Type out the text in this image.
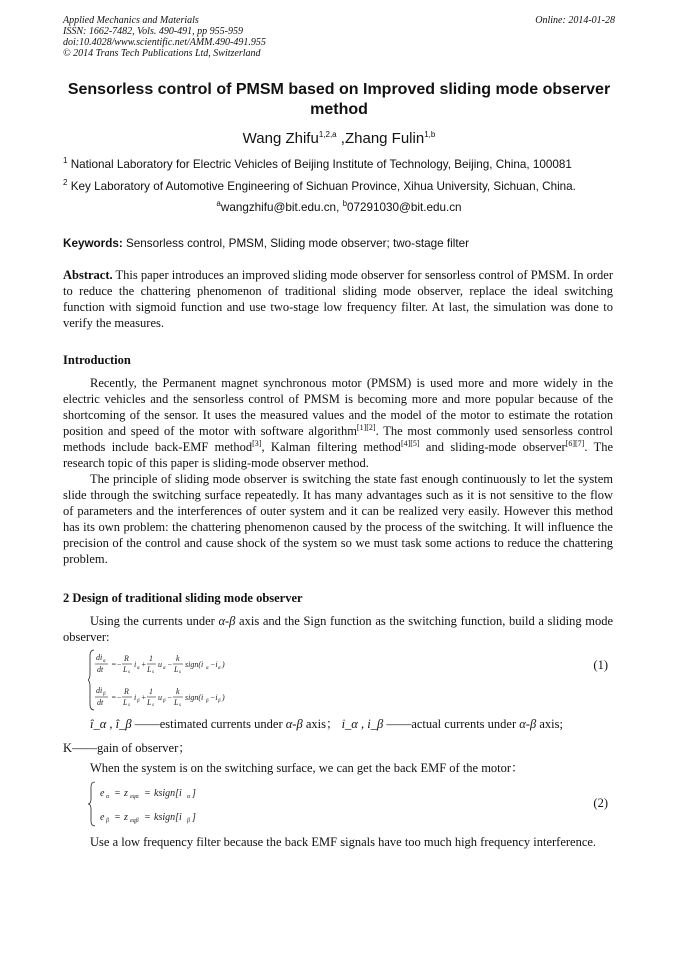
Applied Mechanics and Materials
ISSN: 1662-7482, Vols. 490-491, pp 955-959
doi:10.4028/www.scientific.net/AMM.490-491.955
© 2014 Trans Tech Publications Ltd, Switzerland
Online: 2014-01-28
Sensorless control of PMSM based on Improved sliding mode observer method
Wang Zhifu$^{1,2,a}$ ,Zhang Fulin$^{1,b}$
$^1$ National Laboratory for Electric Vehicles of Beijing Institute of Technology, Beijing, China, 100081
$^2$ Key Laboratory of Automotive Engineering of Sichuan Province, Xihua University, Sichuan, China.
$^a$wangzhifu@bit.edu.cn, $^b$07291030@bit.edu.cn
Keywords: Sensorless control, PMSM, Sliding mode observer; two-stage filter
Abstract. This paper introduces an improved sliding mode observer for sensorless control of PMSM. In order to reduce the chattering phenomenon of traditional sliding mode observer, replace the ideal switching function with sigmoid function and use two-stage low frequency filter. At last, the simulation was done to verify the measures.
Introduction
Recently, the Permanent magnet synchronous motor (PMSM) is used more and more widely in the electric vehicles and the sensorless control of PMSM is becoming more and more popular because of the shortcoming of the sensor. It uses the measured values and the model of the motor to estimate the rotation position and speed of the motor with software algorithm[1][2]. The most commonly used sensorless control methods include back-EMF method[3], Kalman filtering method[4][5] and sliding-mode observer[6][7]. The research topic of this paper is sliding-mode observer method.
The principle of sliding mode observer is switching the state fast enough continuously to let the system slide through the switching surface repeatedly. It has many advantages such as it is not sensitive to the flow of parameters and the interferences of outer system and it can be realized very easily. However this method has its own problem: the chattering phenomenon caused by the process of the switching. It will influence the precision of the control and cause shock of the system so we must task some actions to reduce the chattering problem.
2 Design of traditional sliding mode observer
Using the currents under α-β axis and the Sign function as the switching function, build a sliding mode observer:
di α
dt
=−
R
L s
i α +
1
L s
u α −
k
L s
sign(i α −i α )
di β
dt
=−
R
L s
i β +
1
L s
u β −
k
L s
sign(i β −i β )
(1)
î_α , î_β ——estimated currents under α-β axis； i_α , i_β ——actual currents under α-β axis;
K——gain of observer；
When the system is on the switching surface, we can get the back EMF of the motor：
e α = z eqα = ksign[i α ]
e β = z eqβ = ksign[i β ]
(2)
Use a low frequency filter because the back EMF signals have too much high frequency interference.
